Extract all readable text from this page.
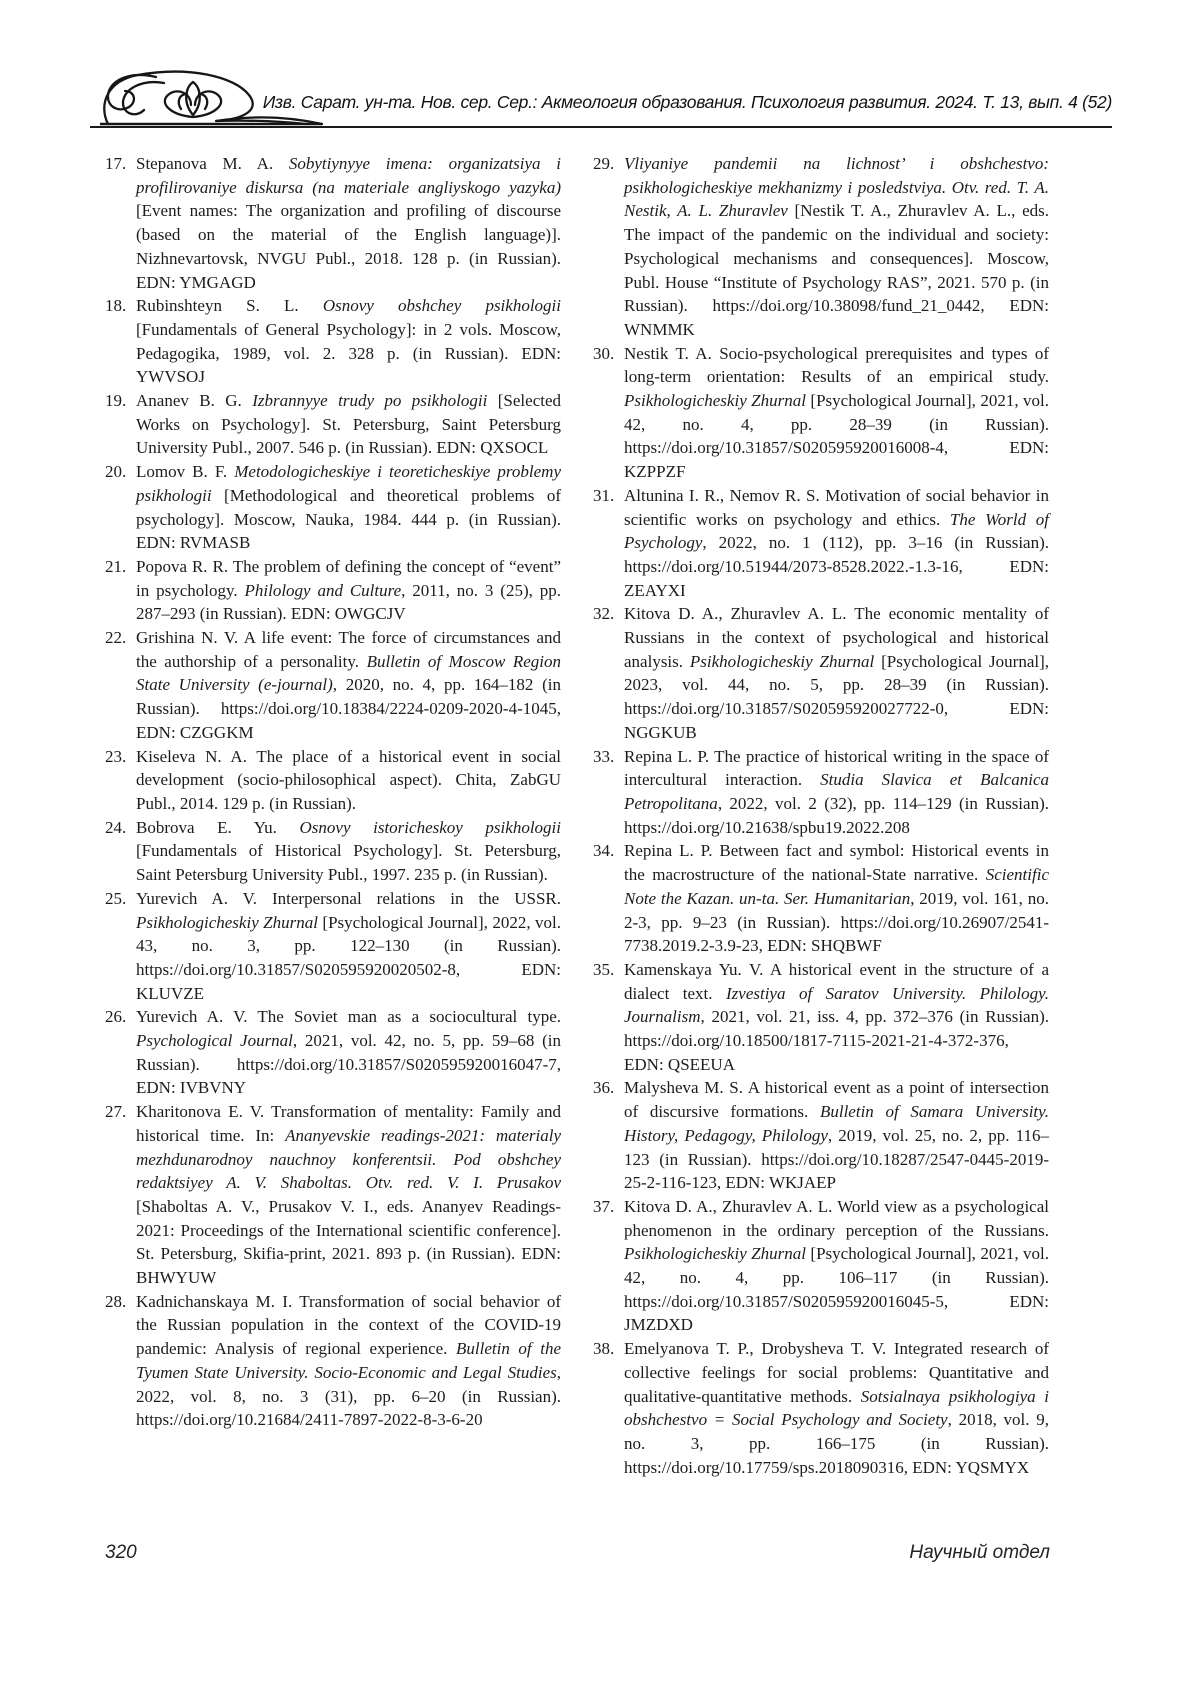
Изв. Сарат. ун-та. Нов. сер. Сер.: Акмеология образования. Психология развития. 2024. Т. 13, вып. 4 (52)
17. Stepanova M. A. Sobytiynyye imena: organizatsiya i profilirovaniye diskursa (na materiale angliyskogo yazyka) [Event names: The organization and profiling of discourse (based on the material of the English language)]. Nizhnevartovsk, NVGU Publ., 2018. 128 p. (in Russian). EDN: YMGAGD
18. Rubinshteyn S. L. Osnovy obshchey psikhologii [Fundamentals of General Psychology]: in 2 vols. Moscow, Pedagogika, 1989, vol. 2. 328 p. (in Russian). EDN: YWVSOJ
19. Ananev B. G. Izbrannyye trudy po psikhologii [Selected Works on Psychology]. St. Petersburg, Saint Petersburg University Publ., 2007. 546 p. (in Russian). EDN: QXSOCL
20. Lomov B. F. Metodologicheskiye i teoreticheskiye problemy psikhologii [Methodological and theoretical problems of psychology]. Moscow, Nauka, 1984. 444 p. (in Russian). EDN: RVMASB
21. Popova R. R. The problem of defining the concept of “event” in psychology. Philology and Culture, 2011, no. 3 (25), pp. 287–293 (in Russian). EDN: OWGCJV
22. Grishina N. V. A life event: The force of circumstances and the authorship of a personality. Bulletin of Moscow Region State University (e-journal), 2020, no. 4, pp. 164–182 (in Russian). https://doi.org/10.18384/2224-0209-2020-4-1045, EDN: CZGGKM
23. Kiseleva N. A. The place of a historical event in social development (socio-philosophical aspect). Chita, ZabGU Publ., 2014. 129 p. (in Russian).
24. Bobrova E. Yu. Osnovy istoricheskoy psikhologii [Fundamentals of Historical Psychology]. St. Petersburg, Saint Petersburg University Publ., 1997. 235 p. (in Russian).
25. Yurevich A. V. Interpersonal relations in the USSR. Psikhologicheskiy Zhurnal [Psychological Journal], 2022, vol. 43, no. 3, pp. 122–130 (in Russian). https://doi.org/10.31857/S020595920020502-8, EDN: KLUVZE
26. Yurevich A. V. The Soviet man as a sociocultural type. Psychological Journal, 2021, vol. 42, no. 5, pp. 59–68 (in Russian). https://doi.org/10.31857/S020595920016047-7, EDN: IVBVNY
27. Kharitonova E. V. Transformation of mentality: Family and historical time. In: Ananyevskie readings-2021: materialy mezhdunarodnoy nauchnoy konferentsii. Pod obshchey redaktsiyey A. V. Shaboltas. Otv. red. V. I. Prusakov [Shaboltas A. V., Prusakov V. I., eds. Ananyev Readings-2021: Proceedings of the International scientific conference]. St. Petersburg, Skifia-print, 2021. 893 p. (in Russian). EDN: BHWYUW
28. Kadnichanskaya M. I. Transformation of social behavior of the Russian population in the context of the COVID-19 pandemic: Analysis of regional experience. Bulletin of the Tyumen State University. Socio-Economic and Legal Studies, 2022, vol. 8, no. 3 (31), pp. 6–20 (in Russian). https://doi.org/10.21684/2411-7897-2022-8-3-6-20
29. Vliyaniye pandemii na lichnost’ i obshchestvo: psikhologicheskiye mekhanizmy i posledstviya. Otv. red. T. A. Nestik, A. L. Zhuravlev [Nestik T. A., Zhuravlev A. L., eds. The impact of the pandemic on the individual and society: Psychological mechanisms and consequences]. Moscow, Publ. House “Institute of Psychology RAS”, 2021. 570 p. (in Russian). https://doi.org/10.38098/fund_21_0442, EDN: WNMMK
30. Nestik T. A. Socio-psychological prerequisites and types of long-term orientation: Results of an empirical study. Psikhologicheskiy Zhurnal [Psychological Journal], 2021, vol. 42, no. 4, pp. 28–39 (in Russian). https://doi.org/10.31857/S020595920016008-4, EDN: KZPPZF
31. Altunina I. R., Nemov R. S. Motivation of social behavior in scientific works on psychology and ethics. The World of Psychology, 2022, no. 1 (112), pp. 3–16 (in Russian). https://doi.org/10.51944/2073-8528.2022.-1.3-16, EDN: ZEAYXI
32. Kitova D. A., Zhuravlev A. L. The economic mentality of Russians in the context of psychological and historical analysis. Psikhologicheskiy Zhurnal [Psychological Journal], 2023, vol. 44, no. 5, pp. 28–39 (in Russian). https://doi.org/10.31857/S020595920027722-0, EDN: NGGKUB
33. Repina L. P. The practice of historical writing in the space of intercultural interaction. Studia Slavica et Balcanica Petropolitana, 2022, vol. 2 (32), pp. 114–129 (in Russian). https://doi.org/10.21638/spbu19.2022.208
34. Repina L. P. Between fact and symbol: Historical events in the macrostructure of the national-State narrative. Scientific Note the Kazan. un-ta. Ser. Humanitarian, 2019, vol. 161, no. 2-3, pp. 9–23 (in Russian). https://doi.org/10.26907/2541-7738.2019.2-3.9-23, EDN: SHQBWF
35. Kamenskaya Yu. V. A historical event in the structure of a dialect text. Izvestiya of Saratov University. Philology. Journalism, 2021, vol. 21, iss. 4, pp. 372–376 (in Russian). https://doi.org/10.18500/1817-7115-2021-21-4-372-376, EDN: QSEEUA
36. Malysheva M. S. A historical event as a point of intersection of discursive formations. Bulletin of Samara University. History, Pedagogy, Philology, 2019, vol. 25, no. 2, pp. 116–123 (in Russian). https://doi.org/10.18287/2547-0445-2019-25-2-116-123, EDN: WKJAEP
37. Kitova D. A., Zhuravlev A. L. World view as a psychological phenomenon in the ordinary perception of the Russians. Psikhologicheskiy Zhurnal [Psychological Journal], 2021, vol. 42, no. 4, pp. 106–117 (in Russian). https://doi.org/10.31857/S020595920016045-5, EDN: JMZDXD
38. Emelyanova T. P., Drobysheva T. V. Integrated research of collective feelings for social problems: Quantitative and qualitative-quantitative methods. Sotsialnaya psikhologiya i obshchestvo = Social Psychology and Society, 2018, vol. 9, no. 3, pp. 166–175 (in Russian). https://doi.org/10.17759/sps.2018090316, EDN: YQSMYX
320	Научный отдел
